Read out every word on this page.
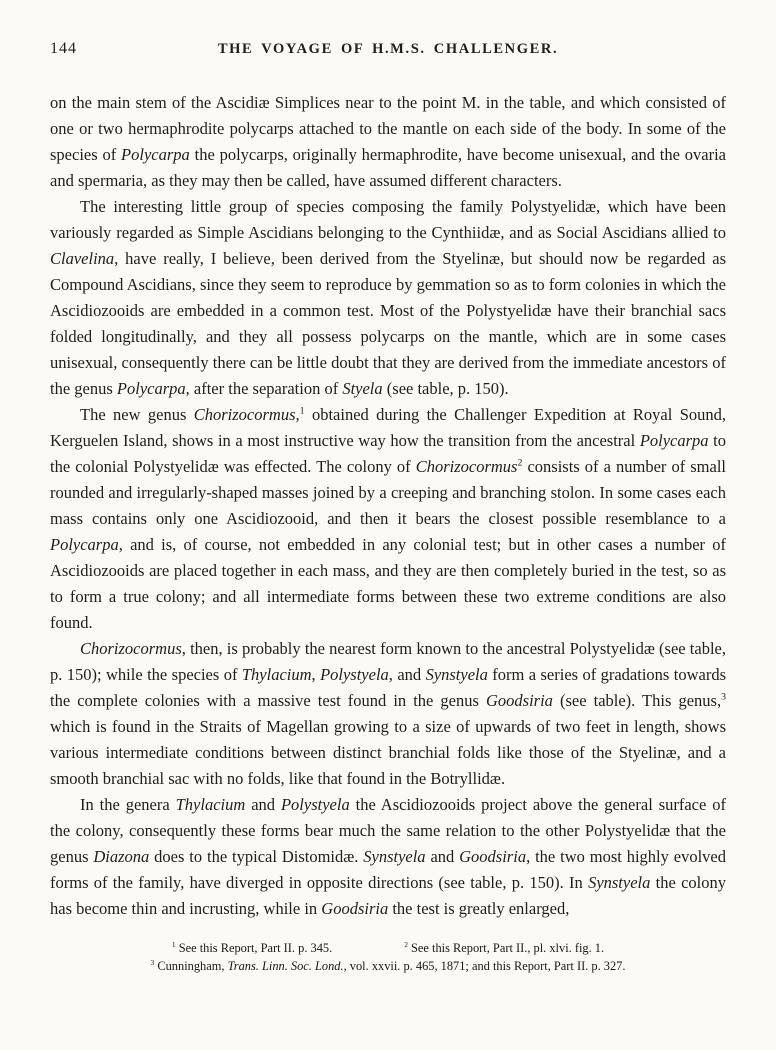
144	THE VOYAGE OF H.M.S. CHALLENGER.

on the main stem of the Ascidiæ Simplices near to the point M. in the table, and which consisted of one or two hermaphrodite polycarps attached to the mantle on each side of the body. In some of the species of Polycarpa the polycarps, originally hermaphrodite, have become unisexual, and the ovaria and spermaria, as they may then be called, have assumed different characters.

The interesting little group of species composing the family Polystyelidæ, which have been variously regarded as Simple Ascidians belonging to the Cynthiidæ, and as Social Ascidians allied to Clavelina, have really, I believe, been derived from the Styelinæ, but should now be regarded as Compound Ascidians, since they seem to reproduce by gemmation so as to form colonies in which the Ascidiozooids are embedded in a common test. Most of the Polystyelidæ have their branchial sacs folded longitudinally, and they all possess polycarps on the mantle, which are in some cases unisexual, consequently there can be little doubt that they are derived from the immediate ancestors of the genus Polycarpa, after the separation of Styela (see table, p. 150).

The new genus Chorizocormus,$^1$ obtained during the Challenger Expedition at Royal Sound, Kerguelen Island, shows in a most instructive way how the transition from the ancestral Polycarpa to the colonial Polystyelidæ was effected. The colony of Chorizocormus$^2$ consists of a number of small rounded and irregularly-shaped masses joined by a creeping and branching stolon. In some cases each mass contains only one Ascidiozooid, and then it bears the closest possible resemblance to a Polycarpa, and is, of course, not embedded in any colonial test; but in other cases a number of Ascidiozooids are placed together in each mass, and they are then completely buried in the test, so as to form a true colony; and all intermediate forms between these two extreme conditions are also found.

Chorizocormus, then, is probably the nearest form known to the ancestral Polystyelidæ (see table, p. 150); while the species of Thylacium, Polystyela, and Synstyela form a series of gradations towards the complete colonies with a massive test found in the genus Goodsiria (see table). This genus,$^3$ which is found in the Straits of Magellan growing to a size of upwards of two feet in length, shows various intermediate conditions between distinct branchial folds like those of the Styelinæ, and a smooth branchial sac with no folds, like that found in the Botryllidæ.

In the genera Thylacium and Polystyela the Ascidiozooids project above the general surface of the colony, consequently these forms bear much the same relation to the other Polystyelidæ that the genus Diazona does to the typical Distomidæ. Synstyela and Goodsiria, the two most highly evolved forms of the family, have diverged in opposite directions (see table, p. 150). In Synstyela the colony has become thin and incrusting, while in Goodsiria the test is greatly enlarged,

$^1$ See this Report, Part II. p. 345.	$^2$ See this Report, Part II., pl. xlvi. fig. 1.
$^3$ Cunningham, Trans. Linn. Soc. Lond., vol. xxvii. p. 465, 1871; and this Report, Part II. p. 327.
